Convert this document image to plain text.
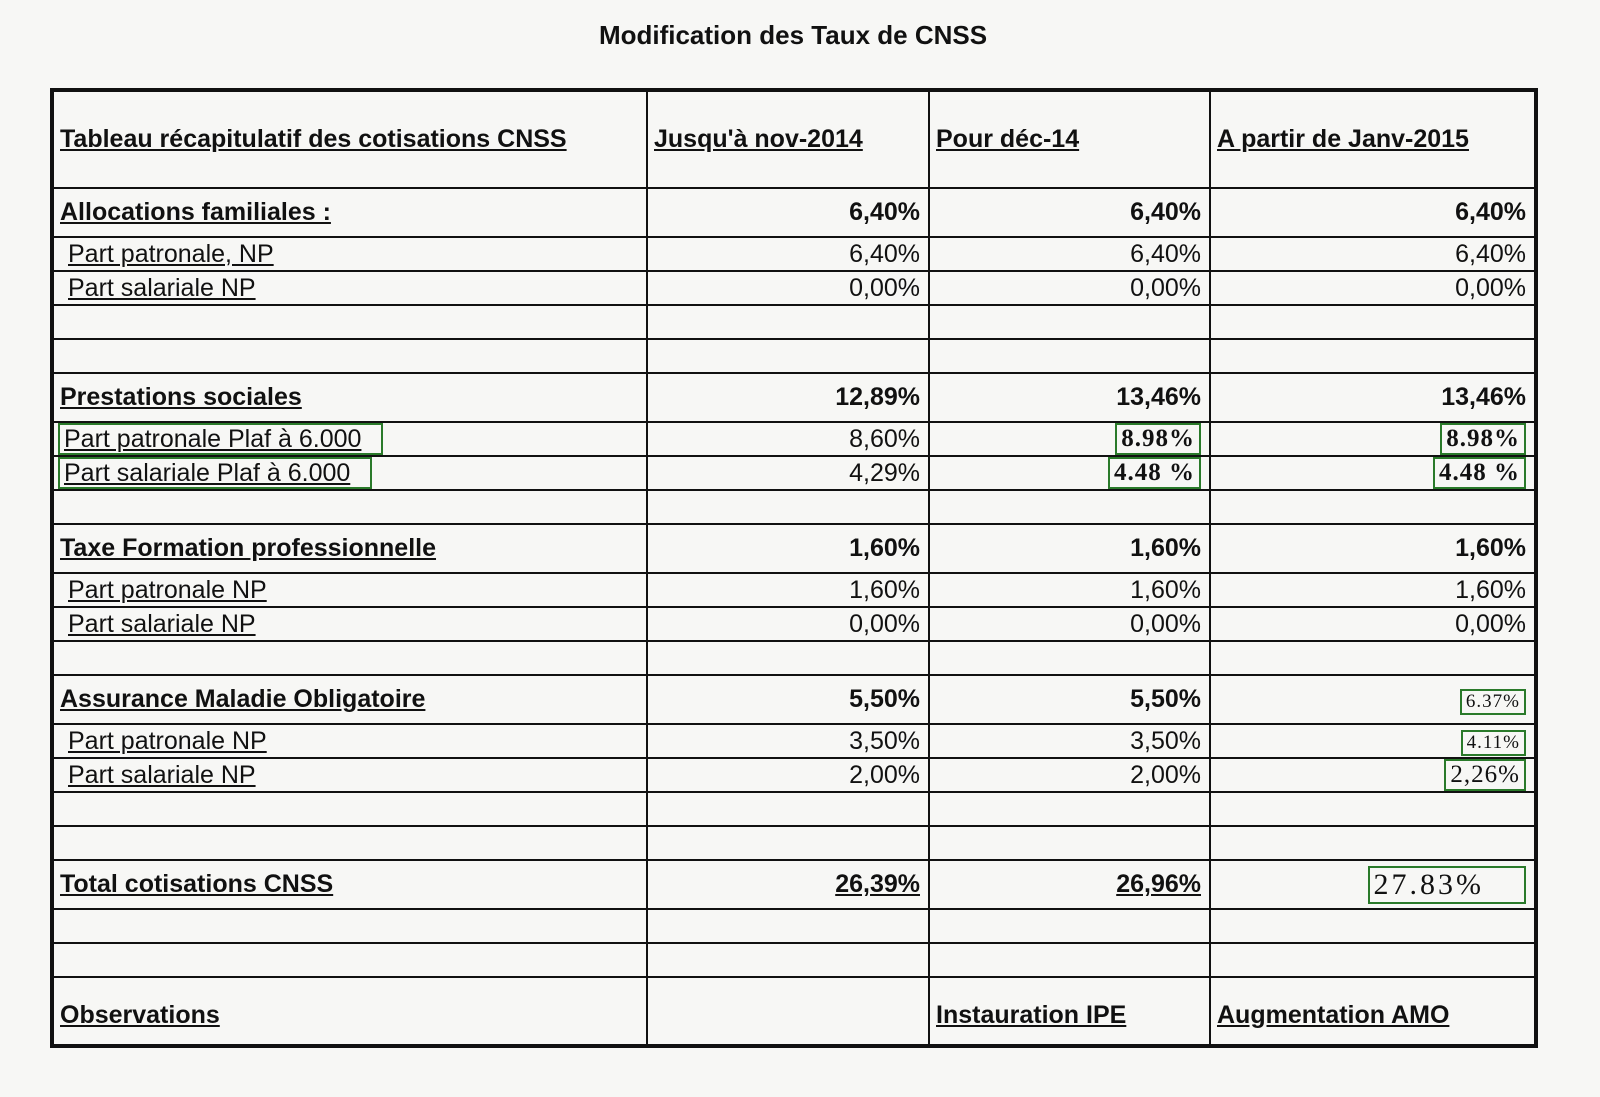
Modification des Taux de CNSS
Tableau récapitulatif des cotisations CNSS	Jusqu'à nov-2014	Pour déc-14	A partir de Janv-2015
Allocations familiales :	6,40%	6,40%	6,40%
Part patronale, NP	6,40%	6,40%	6,40%
Part salariale NP	0,00%	0,00%	0,00%

Prestations sociales	12,89%	13,46%	13,46%
Part patronale Plaf à 6.000	8,60%	8.98%	8.98%
Part salariale Plaf à 6.000	4,29%	4.48 %	4.48 %

Taxe Formation professionnelle	1,60%	1,60%	1,60%
Part patronale NP	1,60%	1,60%	1,60%
Part salariale NP	0,00%	0,00%	0,00%

Assurance Maladie Obligatoire	5,50%	5,50%	6.37%
Part patronale NP	3,50%	3,50%	4.11%
Part salariale NP	2,00%	2,00%	2,26%

Total cotisations CNSS	26,39%	26,96%	27.83%

Observations		Instauration IPE	Augmentation AMO
